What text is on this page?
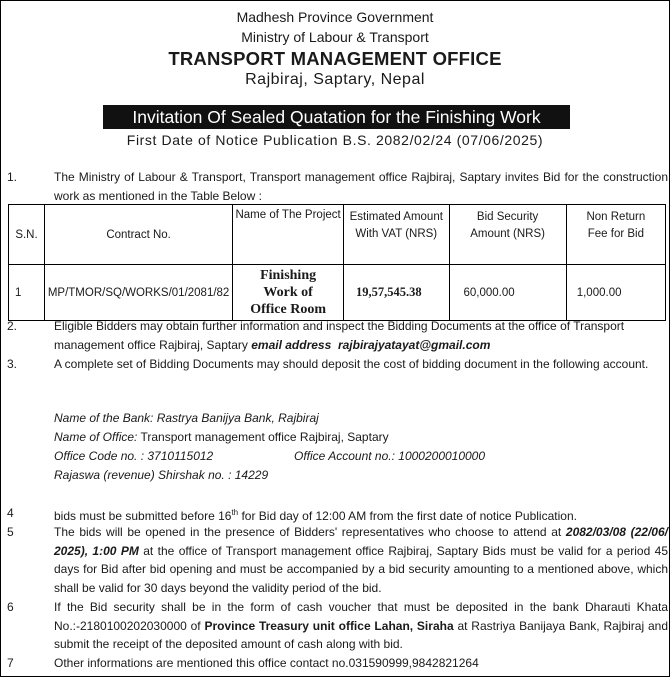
Madhesh Province Government
Ministry of Labour & Transport
TRANSPORT MANAGEMENT OFFICE
Rajbiraj, Saptary, Nepal
Invitation Of Sealed Quatation for the Finishing Work
First Date of Notice Publication B.S. 2082/02/24 (07/06/2025)
1.	The Ministry of Labour & Transport, Transport management office Rajbiraj, Saptary invites Bid for the construction work as mentioned in the Table Below :
S.N.	Contract No.	Name of The Project	Estimated Amount With VAT (NRS)	Bid Security Amount (NRS)	Non Return Fee for Bid
1	MP/TMOR/SQ/WORKS/01/2081/82	Finishing Work of Office Room	19,57,545.38	60,000.00	1,000.00
2.	Eligible Bidders may obtain further information and inspect the Bidding Documents at the office of Transport management office Rajbiraj, Saptary email address rajbirajyatayat@gmail.com
3.	A complete set of Bidding Documents may should deposit the cost of bidding document in the following account.
Name of the Bank: Rastrya Banijya Bank, Rajbiraj
Name of Office: Transport management office Rajbiraj, Saptary
Office Code no. : 3710115012	Office Account no.: 1000200010000
Rajaswa (revenue) Shirshak no. : 14229
4	bids must be submitted before 16th for Bid day of 12:00 AM from the first date of notice Publication.
5	The bids will be opened in the presence of Bidders' representatives who choose to attend at 2082/03/08 (22/06/ 2025), 1:00 PM at the office of Transport management office Rajbiraj, Saptary Bids must be valid for a period 45 days for Bid after bid opening and must be accompanied by a bid security amounting to a mentioned above, which shall be valid for 30 days beyond the validity period of the bid.
6	If the Bid security shall be in the form of cash voucher that must be deposited in the bank Dharauti Khata No.:-2180100202030000 of Province Treasury unit office Lahan, Siraha at Rastriya Banijaya Bank, Rajbiraj and submit the receipt of the deposited amount of cash along with bid.
7	Other informations are mentioned this office contact no.031590999,9842821264
